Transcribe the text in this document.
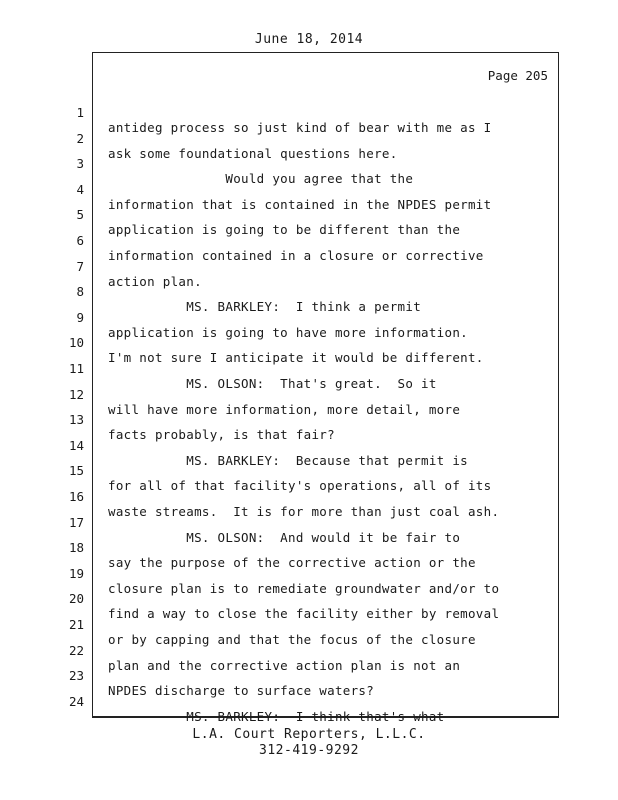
June 18, 2014
Page 205

1

antideg process so just kind of bear with me as I

2

ask some foundational questions here.

3

Would you agree that the

4

information that is contained in the NPDES permit

5

application is going to be different than the

6

information contained in a closure or corrective

7

action plan.

8

MS. BARKLEY:  I think a permit

9

application is going to have more information.

10

I'm not sure I anticipate it would be different.

11

MS. OLSON:  That's great.  So it

12

will have more information, more detail, more

13

facts probably, is that fair?

14

MS. BARKLEY:  Because that permit is

15

for all of that facility's operations, all of its

16

waste streams.  It is for more than just coal ash.

17

MS. OLSON:  And would it be fair to

18

say the purpose of the corrective action or the

19

closure plan is to remediate groundwater and/or to

20

find a way to close the facility either by removal

21

or by capping and that the focus of the closure

22

plan and the corrective action plan is not an

23

NPDES discharge to surface waters?

24

MS. BARKLEY:  I think that's what

L.A. Court Reporters, L.L.C.
312-419-9292
